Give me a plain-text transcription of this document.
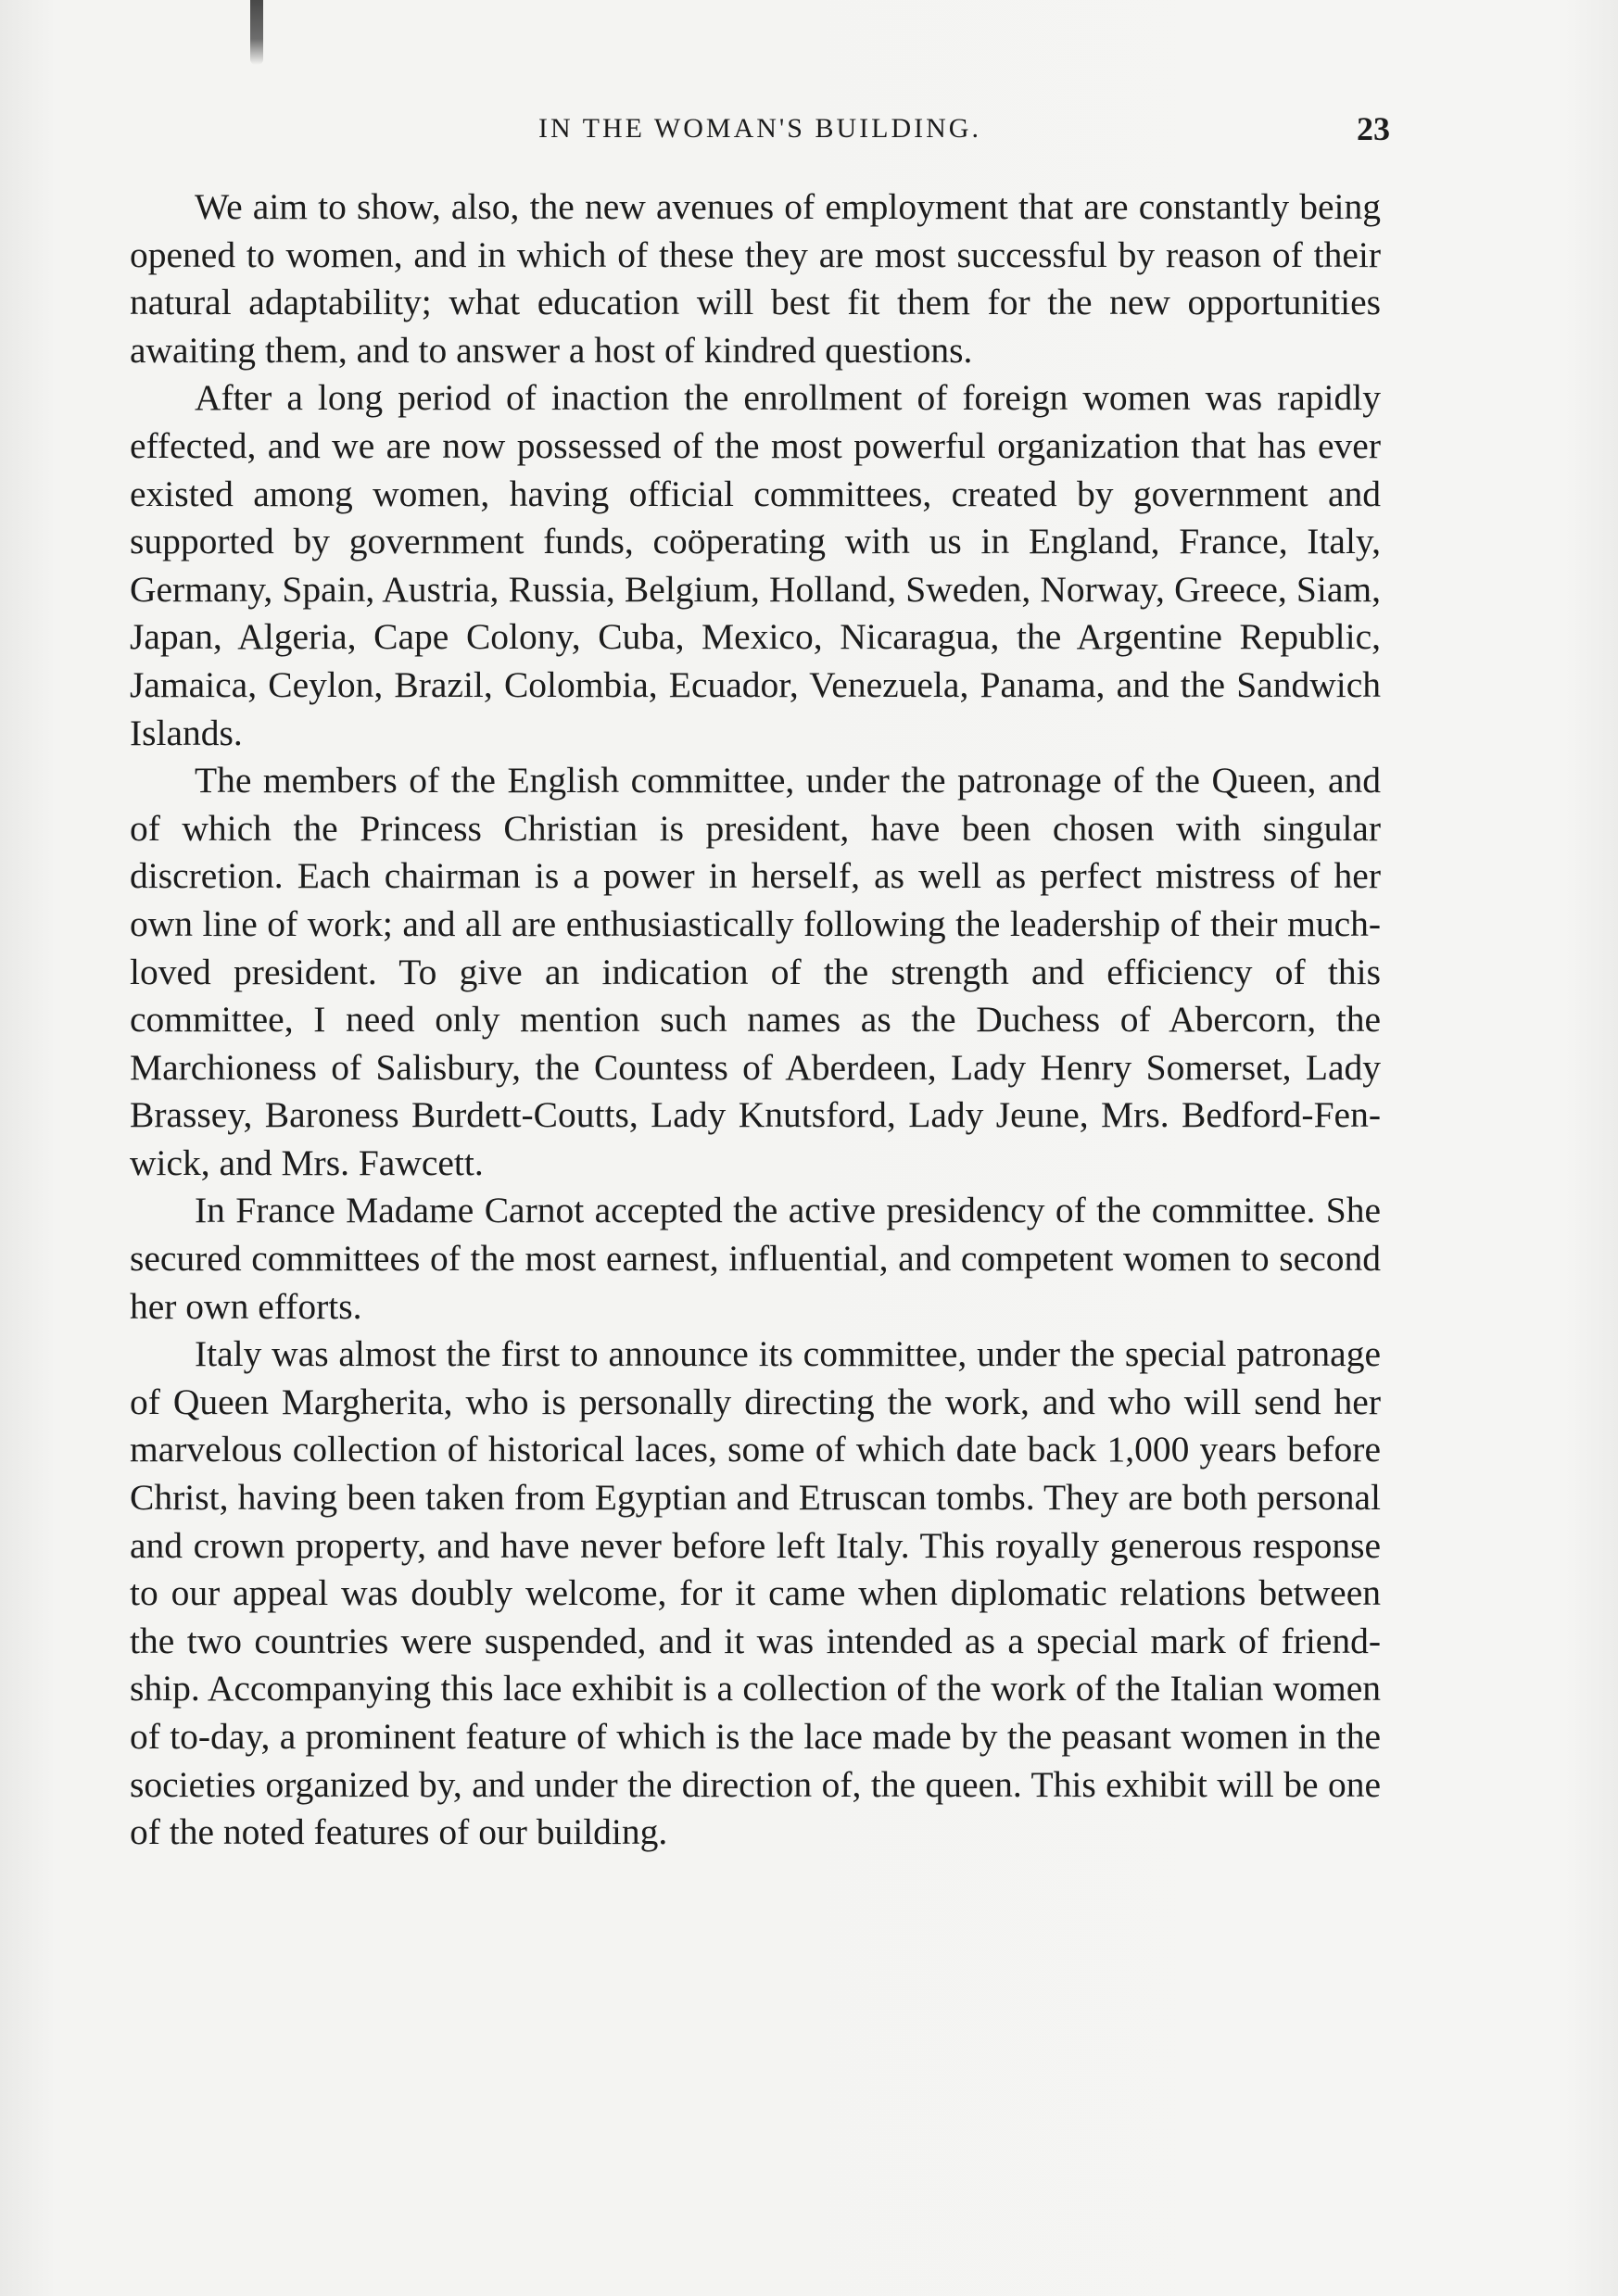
IN THE WOMAN'S BUILDING.	23

We aim to show, also, the new avenues of employment that are constantly being opened to women, and in which of these they are most successful by reason of their natural adaptability; what education will best fit them for the new opportunities awaiting them, and to answer a host of kindred questions.

After a long period of inaction the enrollment of foreign women was rapidly effected, and we are now possessed of the most powerful organization that has ever existed among women, having official committees, created by government and supported by government funds, coöperating with us in England, France, Italy, Germany, Spain, Austria, Russia, Belgium, Holland, Sweden, Norway, Greece, Siam, Japan, Algeria, Cape Colony, Cuba, Mexico, Nicaragua, the Argentine Republic, Jamaica, Ceylon, Brazil, Colombia, Ecuador, Venezuela, Panama, and the Sandwich Islands.

The members of the English committee, under the patronage of the Queen, and of which the Princess Christian is president, have been chosen with singular discretion. Each chairman is a power in herself, as well as perfect mistress of her own line of work; and all are enthusiastically following the leadership of their much-loved president. To give an indication of the strength and efficiency of this committee, I need only mention such names as the Duchess of Abercorn, the Marchioness of Salisbury, the Countess of Aberdeen, Lady Henry Somerset, Lady Brassey, Baroness Burdett-Coutts, Lady Knutsford, Lady Jeune, Mrs. Bedford-Fenwick, and Mrs. Fawcett.

In France Madame Carnot accepted the active presidency of the committee. She secured committees of the most earnest, influential, and competent women to second her own efforts.

Italy was almost the first to announce its committee, under the special patronage of Queen Margherita, who is personally directing the work, and who will send her marvelous collection of historical laces, some of which date back 1,000 years before Christ, having been taken from Egyptian and Etruscan tombs. They are both personal and crown property, and have never before left Italy. This royally generous response to our appeal was doubly welcome, for it came when diplomatic relations between the two countries were suspended, and it was intended as a special mark of friendship. Accompanying this lace exhibit is a collection of the work of the Italian women of to-day, a prominent feature of which is the lace made by the peasant women in the societies organized by, and under the direction of, the queen. This exhibit will be one of the noted features of our building.
